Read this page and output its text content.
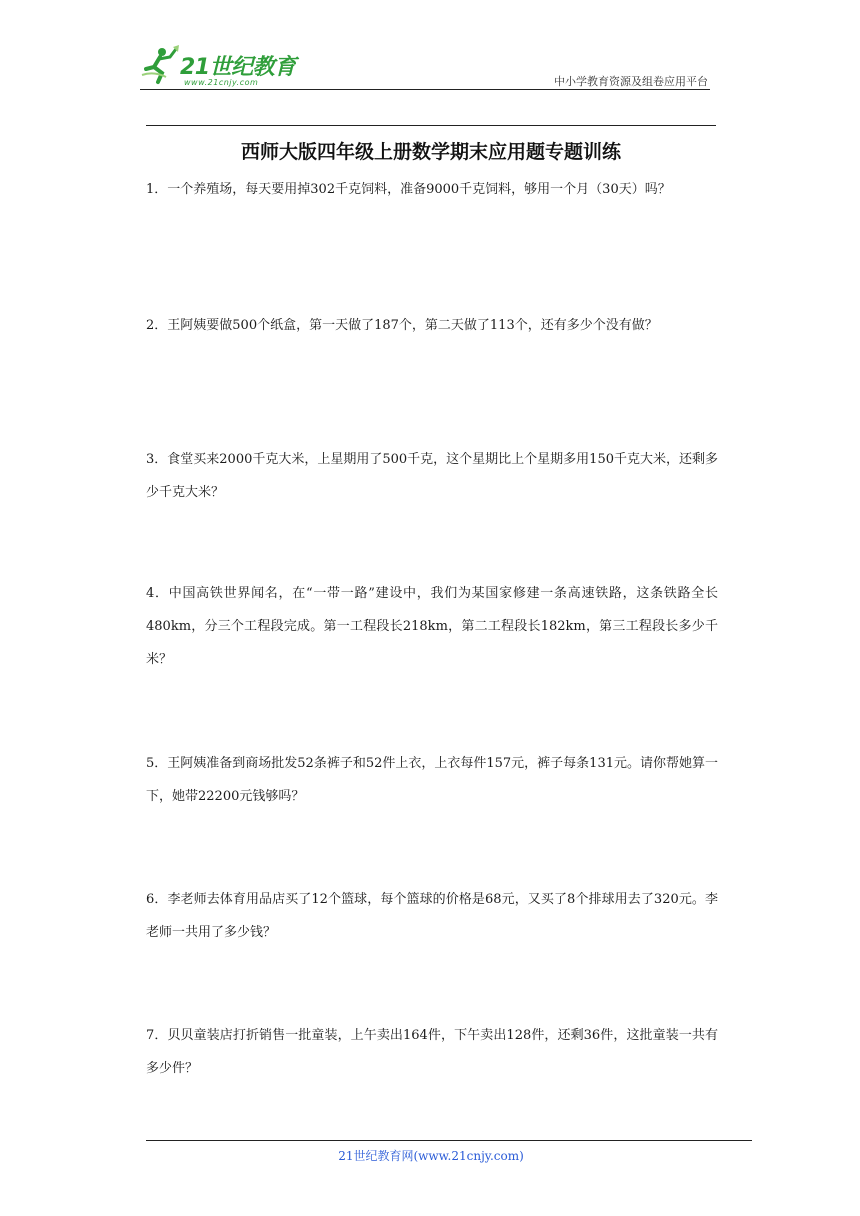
21世纪教育
www.21cnjy.com	中小学教育资源及组卷应用平台
西师大版四年级上册数学期末应用题专题训练

1．一个养殖场，每天要用掉302千克饲料，准备9000千克饲料，够用一个月（30天）吗？

2．王阿姨要做500个纸盒，第一天做了187个，第二天做了113个，还有多少个没有做？

3．食堂买来2000千克大米，上星期用了500千克，这个星期比上个星期多用150千克大米，还剩多少千克大米？

4．中国高铁世界闻名，在“一带一路”建设中，我们为某国家修建一条高速铁路，这条铁路全长480km，分三个工程段完成。第一工程段长218km，第二工程段长182km，第三工程段长多少千米？

5．王阿姨准备到商场批发52条裤子和52件上衣，上衣每件157元，裤子每条131元。请你帮她算一下，她带22200元钱够吗？

6．李老师去体育用品店买了12个篮球，每个篮球的价格是68元，又买了8个排球用去了320元。李老师一共用了多少钱？

7．贝贝童装店打折销售一批童装，上午卖出164件，下午卖出128件，还剩36件，这批童装一共有多少件？

21世纪教育网(www.21cnjy.com)
